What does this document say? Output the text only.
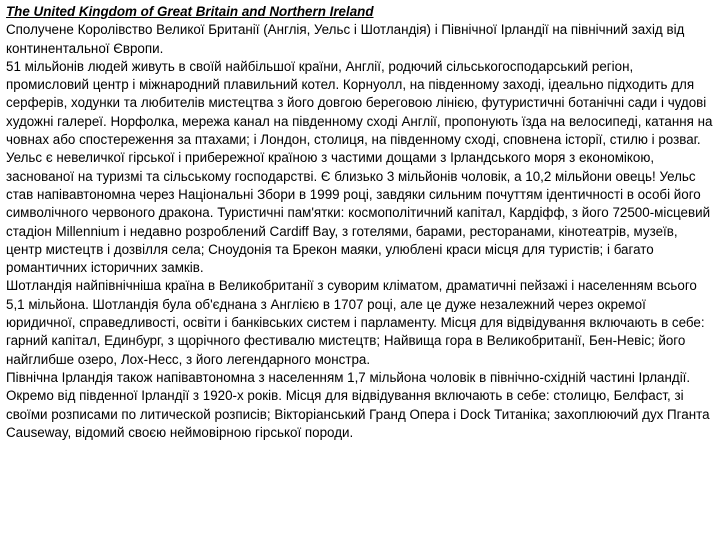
The United Kingdom of Great Britain and Northern Ireland

Сполучене Королівство Великої Британії (Англія, Уельс і Шотландія) і Північної Ірландії на північний захід від континентальної Європи.

51 мільйонів людей живуть в своїй найбільшої країни, Англії, родючий сільськогосподарський регіон, промисловий центр і міжнародний плавильний котел. Корнуолл, на південному заході, ідеально підходить для серферів, ходунки та любителів мистецтва з його довгою береговою лінією, футуристичні ботанічні сади і чудові художні галереї. Норфолка, мережа канал на південному сході Англії, пропонують їзда на велосипеді, катання на човнах або спостереження за птахами; і Лондон, столиця, на південному сході, сповнена історії, стилю і розваг.

Уельс є невеличкої гірської і прибережної країною з частими дощами з Ірландського моря з економікою, заснованої на туризмі та сільському господарстві. Є близько 3 мільйонів чоловік, а 10,2 мільйони овець! Уельс став напівавтономна через Національні Збори в 1999 році, завдяки сильним почуттям ідентичності в особі його символічного червоного дракона. Туристичні пам'ятки: космополітичний капітал, Кардіфф, з його 72500-місцевий стадіон Millennium і недавно розроблений Cardiff Bay, з готелями, барами, ресторанами, кінотеатрів, музеїв, центр мистецтв і дозвілля села; Сноудонія та Брекон маяки, улюблені краси місця для туристів; і багато романтичних історичних замків.

Шотландія найпівнічніша країна в Великобританії з суворим кліматом, драматичні пейзажі і населенням всього 5,1 мільйона. Шотландія була об'єднана з Англією в 1707 році, але це дуже незалежний через окремої юридичної, справедливості, освіти і банківських систем і парламенту. Місця для відвідування включають в себе: гарний капітал, Единбург, з щорічного фестивалю мистецтв; Найвища гора в Великобританії, Бен-Невіс; його найглибше озеро, Лох-Несс, з його легендарного монстра.

Північна Ірландія також напівавтономна з населенням 1,7 мільйона чоловік в північно-східній частині Ірландії. Окремо від південної Ірландії з 1920-х років. Місця для відвідування включають в себе: столицю, Белфаст, зі своїми розписами по литической розписів; Вікторіанський Гранд Опера і Dock Титаніка; захоплюючий дух Пганта Causeway, відомий своєю неймовірною гірської породи.
